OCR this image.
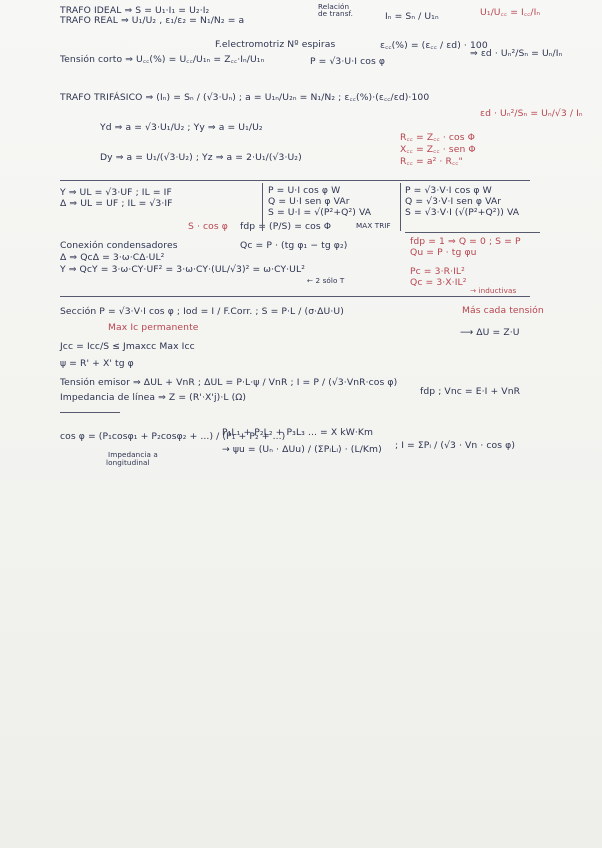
TRAFO IDEAL ⇒ S = U₁·I₁ = U₂·I₂
TRAFO REAL ⇒ U₁/U₂ , ε₁/ε₂ = N₁/N₂ = a
Relación
de transf.	Iₙ = Sₙ / U₁ₙ	U₁/U꜀꜀ = I꜀꜀/Iₙ
F.electromotriz Nº espiras	ε꜀꜀(%) = (ε꜀꜀ / εd) · 100
⇒ εd · Uₙ²/Sₙ = Uₙ/Iₙ
Tensión corto ⇒ U꜀꜀(%) = U꜀꜀/U₁ₙ = Z꜀꜀·Iₙ/U₁ₙ	P = √3·U·I cos φ
TRAFO TRIFÁSICO ⇒ (Iₙ) = Sₙ / (√3·Uₙ) ; a = U₁ₙ/U₂ₙ = N₁/N₂ ; ε꜀꜀(%)·(ε꜀꜀/εd)·100
εd · Uₙ²/Sₙ = Uₙ/√3 / Iₙ
Yd ⇒ a = √3·U₁/U₂ ; Yy ⇒ a = U₁/U₂
R꜀꜀ = Z꜀꜀ · cos Φ
X꜀꜀ = Z꜀꜀ · sen Φ
Dy ⇒ a = U₁/(√3·U₂) ; Yz ⇒ a = 2·U₁/(√3·U₂)	R꜀꜀ = a² · R꜀꜀"
Y ⇒ UL = √3·UF ; IL = IF
Δ ⇒ UL = UF ; IL = √3·IF
P = U·I cos φ W
Q = U·I sen φ VAr
S = U·I = √(P²+Q²) VA
P = √3·V·I cos φ W
Q = √3·V·I sen φ VAr
S = √3·V·I (√(P²+Q²)) VA
S · cos φ fdp = (P/S) = cos Φ	MAX TRIF
Conexión condensadores	Qc = P · (tg φ₁ − tg φ₂)	fdp = 1 ⇒ Q = 0 ; S = P
Qu = P · tg φu
Δ ⇒ QcΔ = 3·ω·CΔ·UL²
Y ⇒ QcY = 3·ω·CY·UF² = 3·ω·CY·(UL/√3)² = ω·CY·UL²
← 2 sólo T
Pc = 3·R·IL²
Qc = 3·X·IL²
→ inductivas
Sección P = √3·V·I cos φ ; Iod = I / F.Corr. ; S = P·L / (σ·ΔU·U)	Más cada tensión
Max Ic permanente	⟶ ΔU = Z·U
Jcc = Icc/S ≤ Jmaxcc Max Icc
ψ = R' + X' tg φ
Tensión emisor ⇒ ΔUL + VnR ; ΔUL = P·L·ψ / VnR ; I = P / (√3·VnR·cos φ)
fdp ; Vnc = E·I + VnR
Impedancia de línea ⇒ Z = (R'·X'j)·L (Ω)
cos φ = (P₁cosφ₁ + P₂cosφ₂ + ...) / (P₁ + P₂ + ...)
P₁L₁ + P₂L₂ + P₃L₃ ... = X kW·Km
→ ψu = (Uₙ · ΔUu) / (ΣPᵢLᵢ) · (L/Km) ; I = ΣPᵢ / (√3 · Vn · cos φ)
Impedancia a
longitudinal
